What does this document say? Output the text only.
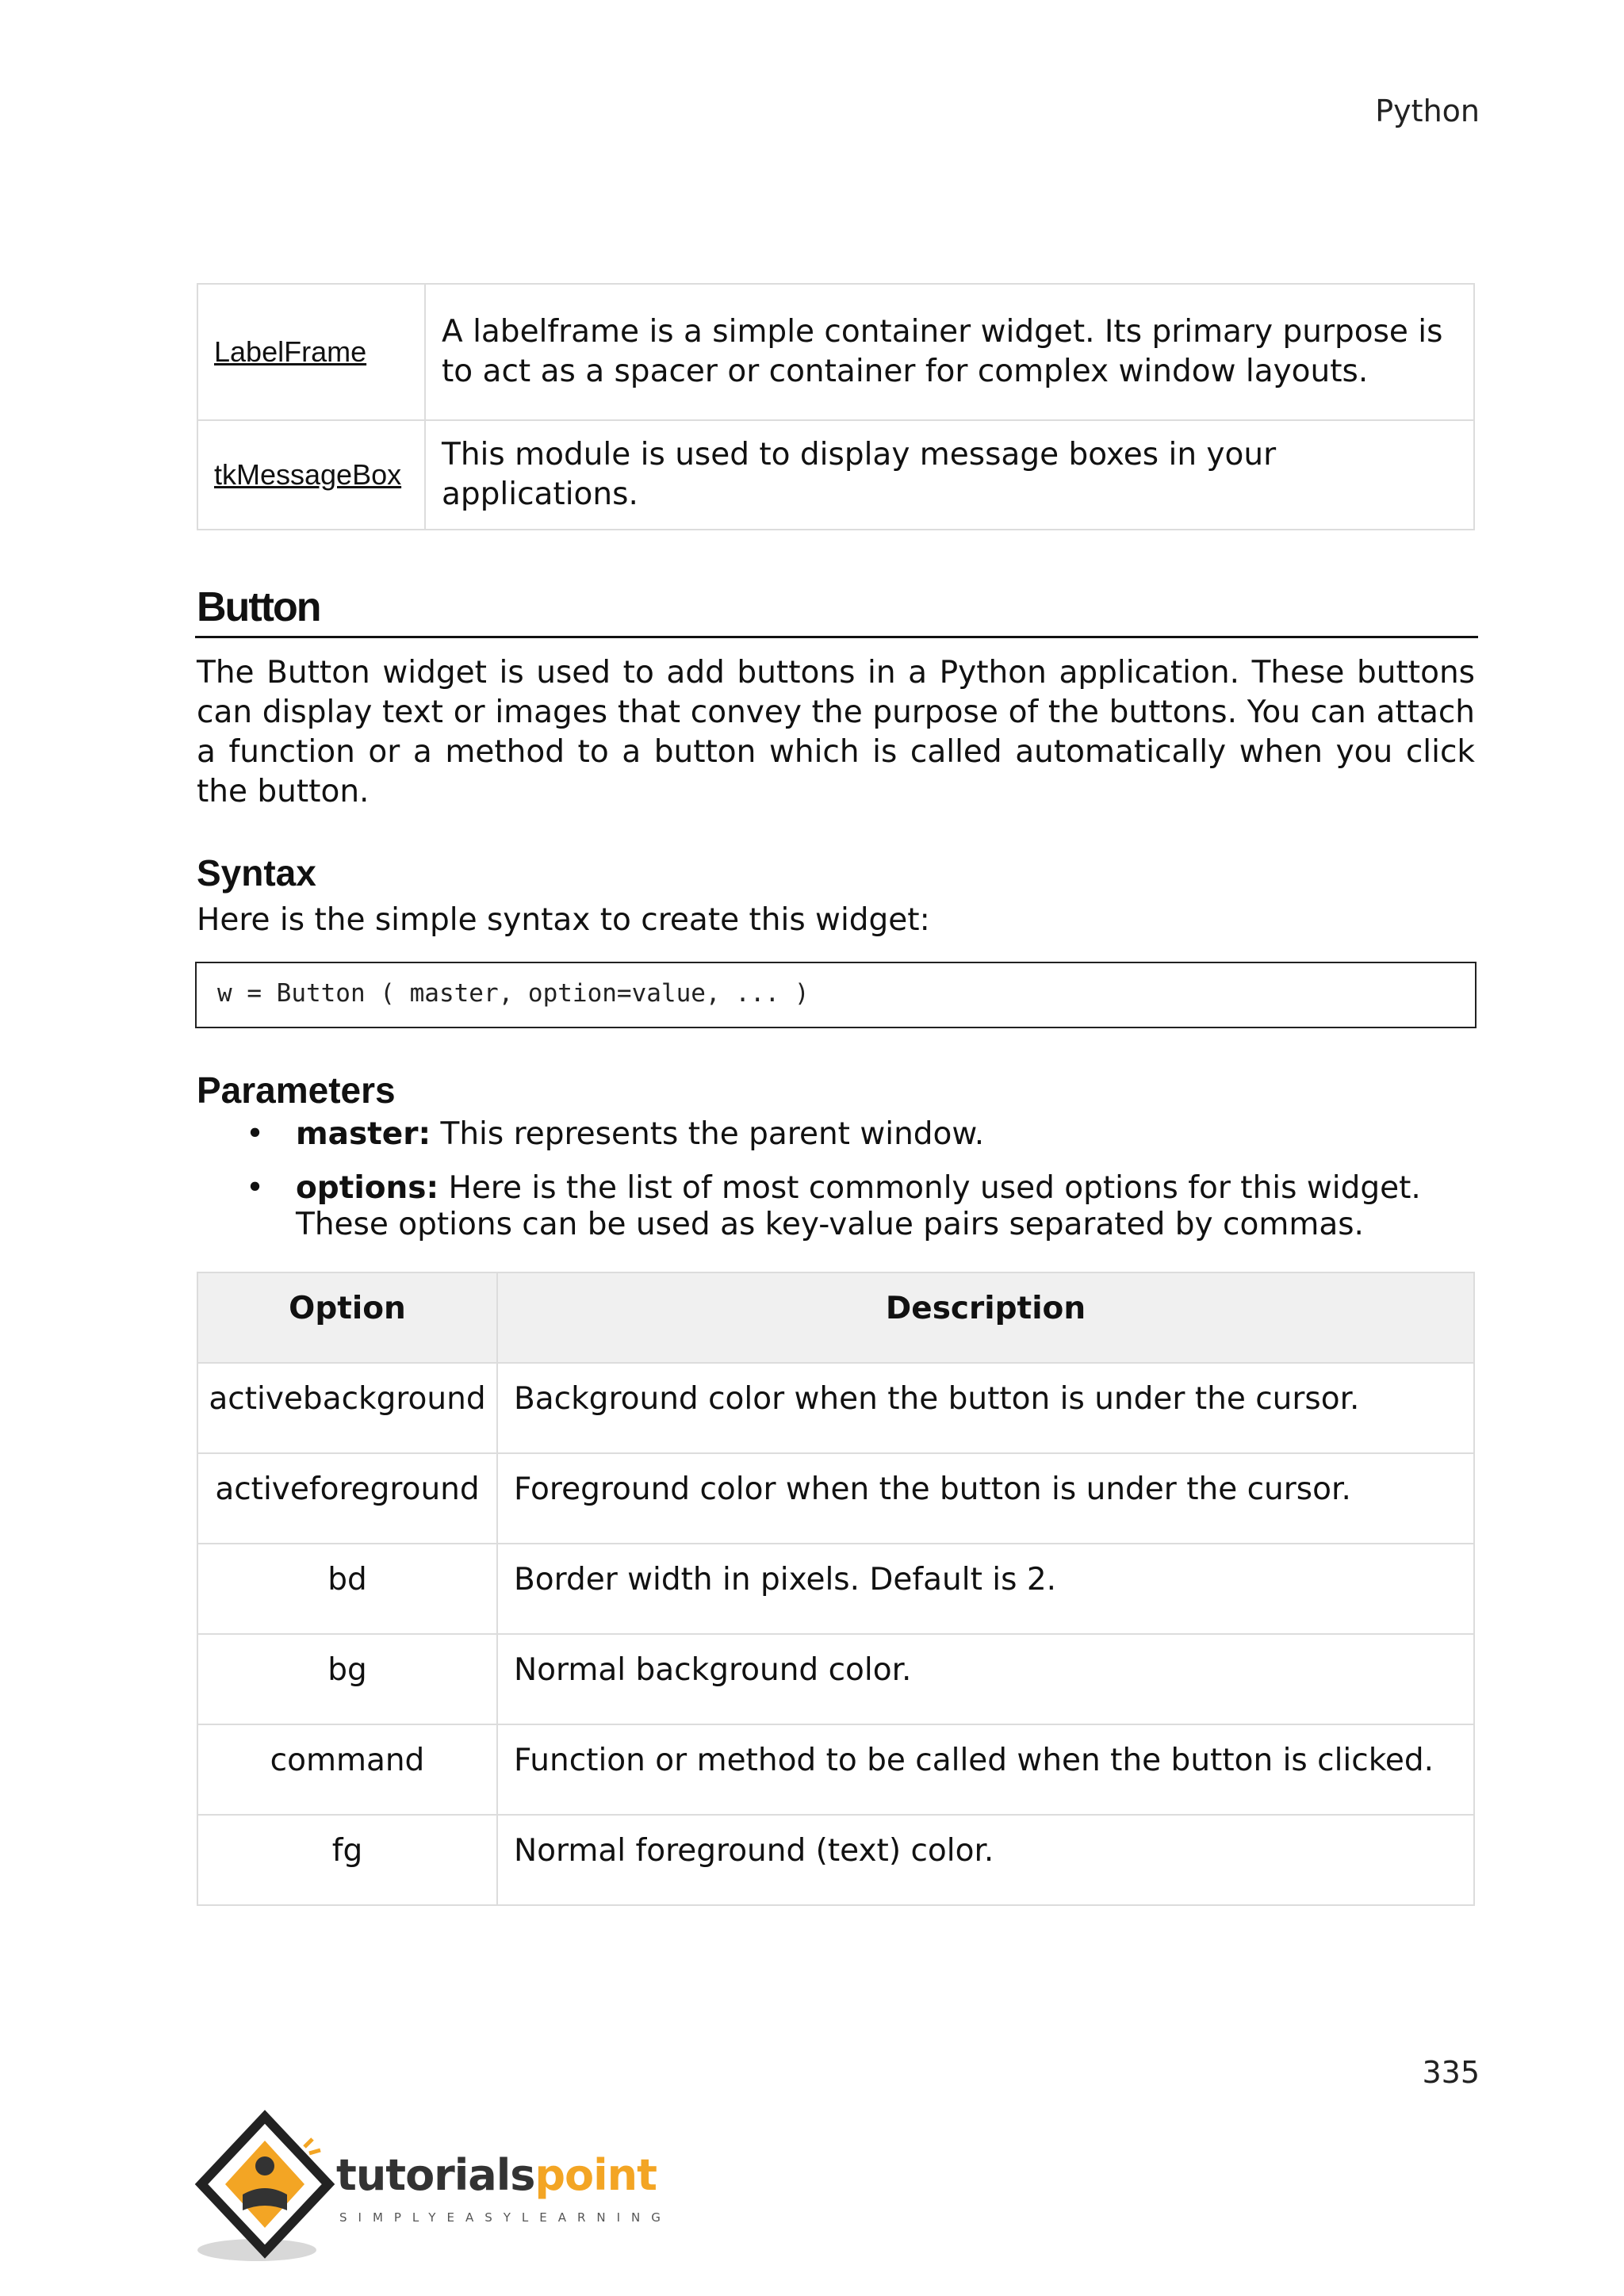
Python
LabelFrame	A labelframe is a simple container widget. Its primary purpose is to act as a spacer or container for complex window layouts.
tkMessageBox	This module is used to display message boxes in your applications.
Button
The Button widget is used to add buttons in a Python application. These buttons can display text or images that convey the purpose of the buttons. You can attach a function or a method to a button which is called automatically when you click the button.
Syntax
Here is the simple syntax to create this widget:
w = Button ( master, option=value, ... )
Parameters
• master: This represents the parent window.
• options: Here is the list of most commonly used options for this widget. These options can be used as key-value pairs separated by commas.
Option	Description
activebackground	Background color when the button is under the cursor.
activeforeground	Foreground color when the button is under the cursor.
bd	Border width in pixels. Default is 2.
bg	Normal background color.
command	Function or method to be called when the button is clicked.
fg	Normal foreground (text) color.
335
tutorialspoint
SIMPLYEASYLEARNING
